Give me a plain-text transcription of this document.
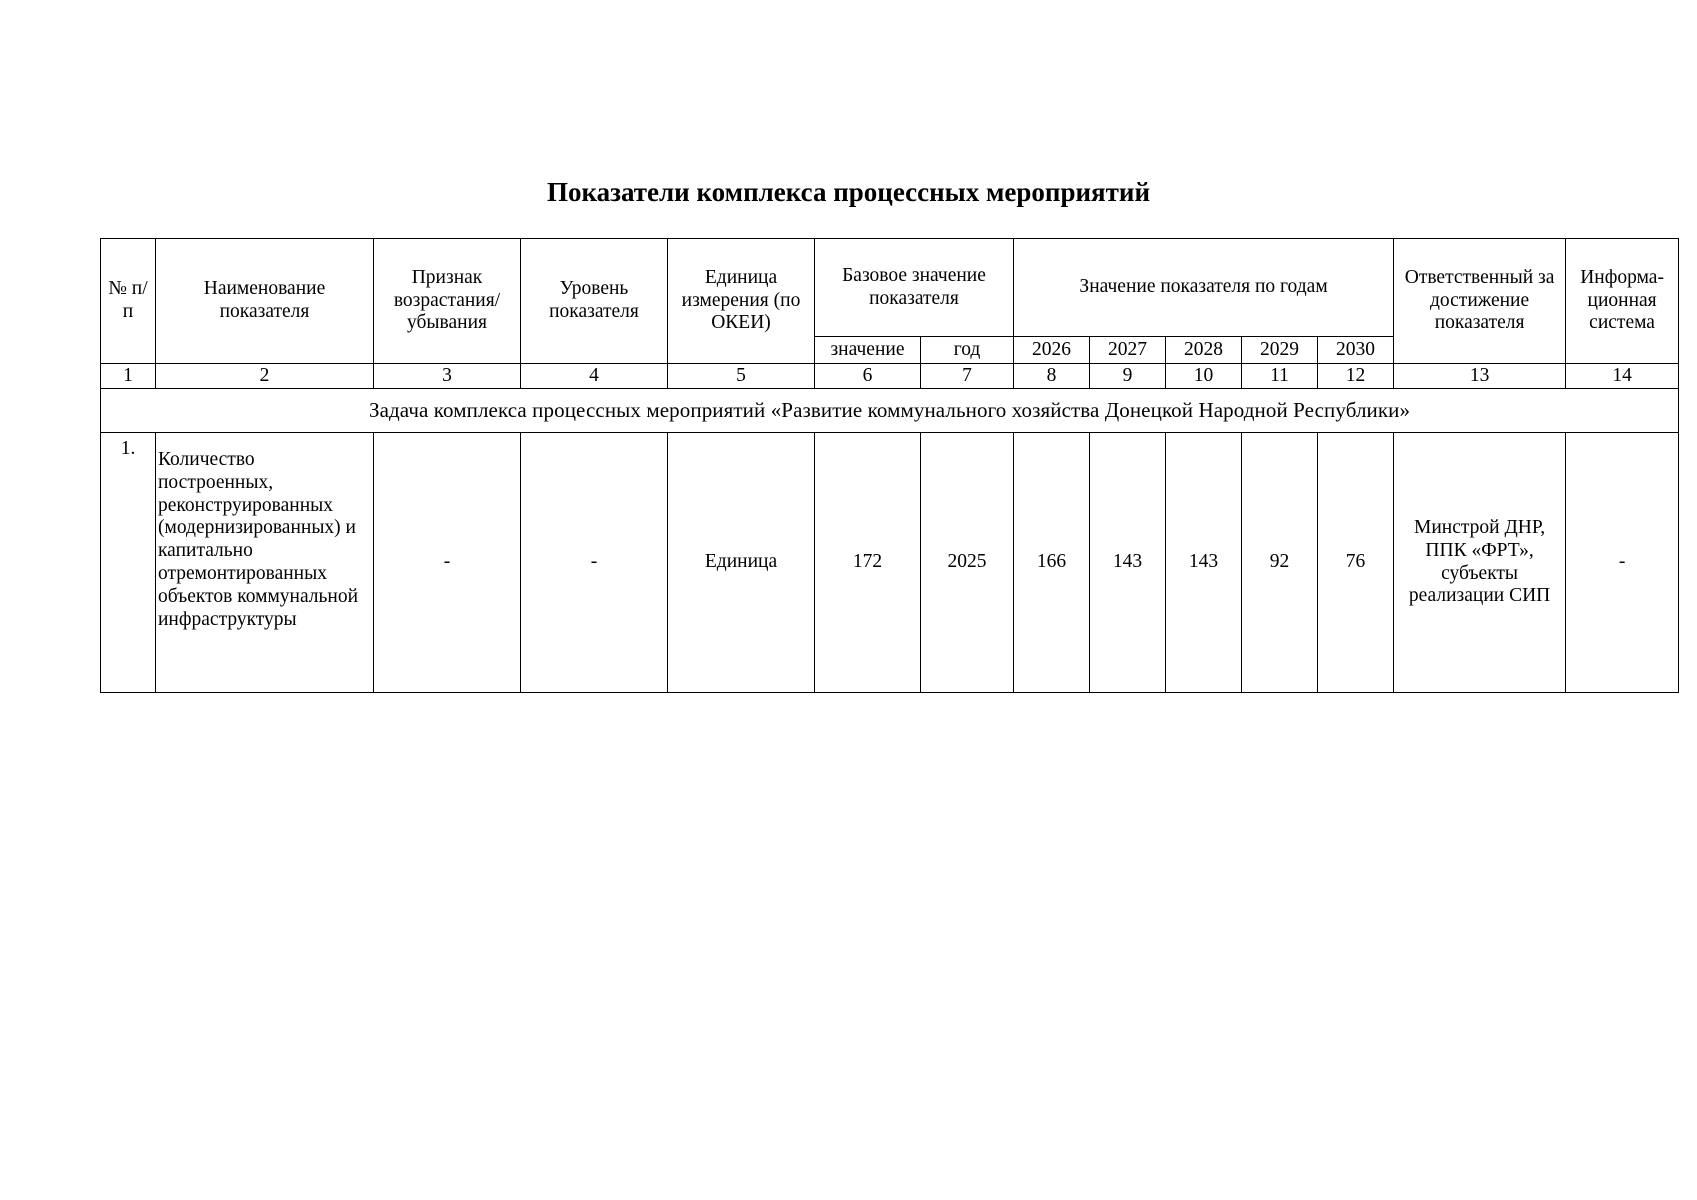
Показатели комплекса процессных мероприятий
№ п/п	Наименование показателя	Признак возрастания/ убывания	Уровень показателя	Единица измерения (по ОКЕИ)	Базовое значение показателя		Значение показателя по годам					Ответственный за достижение показателя	Информа- ционная система
					значение	год	2026	2027	2028	2029	2030		
1	2	3	4	5	6	7	8	9	10	11	12	13	14
Задача комплекса процессных мероприятий «Развитие коммунального хозяйства Донецкой Народной Республики»													
1.	Количество построенных, реконструированных (модернизированных) и капитально отремонтированных объектов коммунальной инфраструктуры	-	-	Единица	172	2025	166	143	143	92	76	Минстрой ДНР, ППК «ФРТ», субъекты реализации СИП	-
